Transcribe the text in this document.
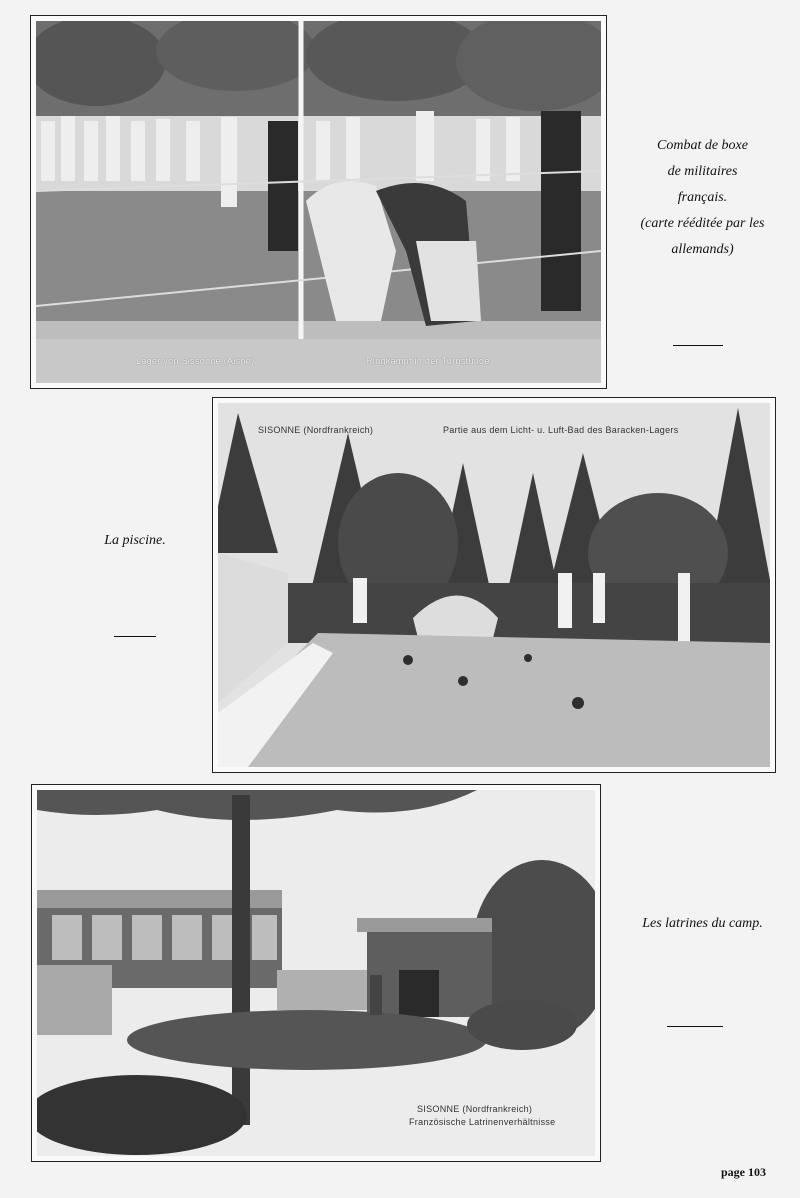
Lager von Sissonne (Aisne)	Ringkampf in der Turnstunde
Combat de boxe
de militaires
français.
(carte rééditée par les
allemands)
SISONNE (Nordfrankreich)	Partie aus dem Licht- u. Luft-Bad des Baracken-Lagers
La piscine.
SISONNE (Nordfrankreich)
Französische Latrinenverhältnisse
Les latrines du camp.
page 103
